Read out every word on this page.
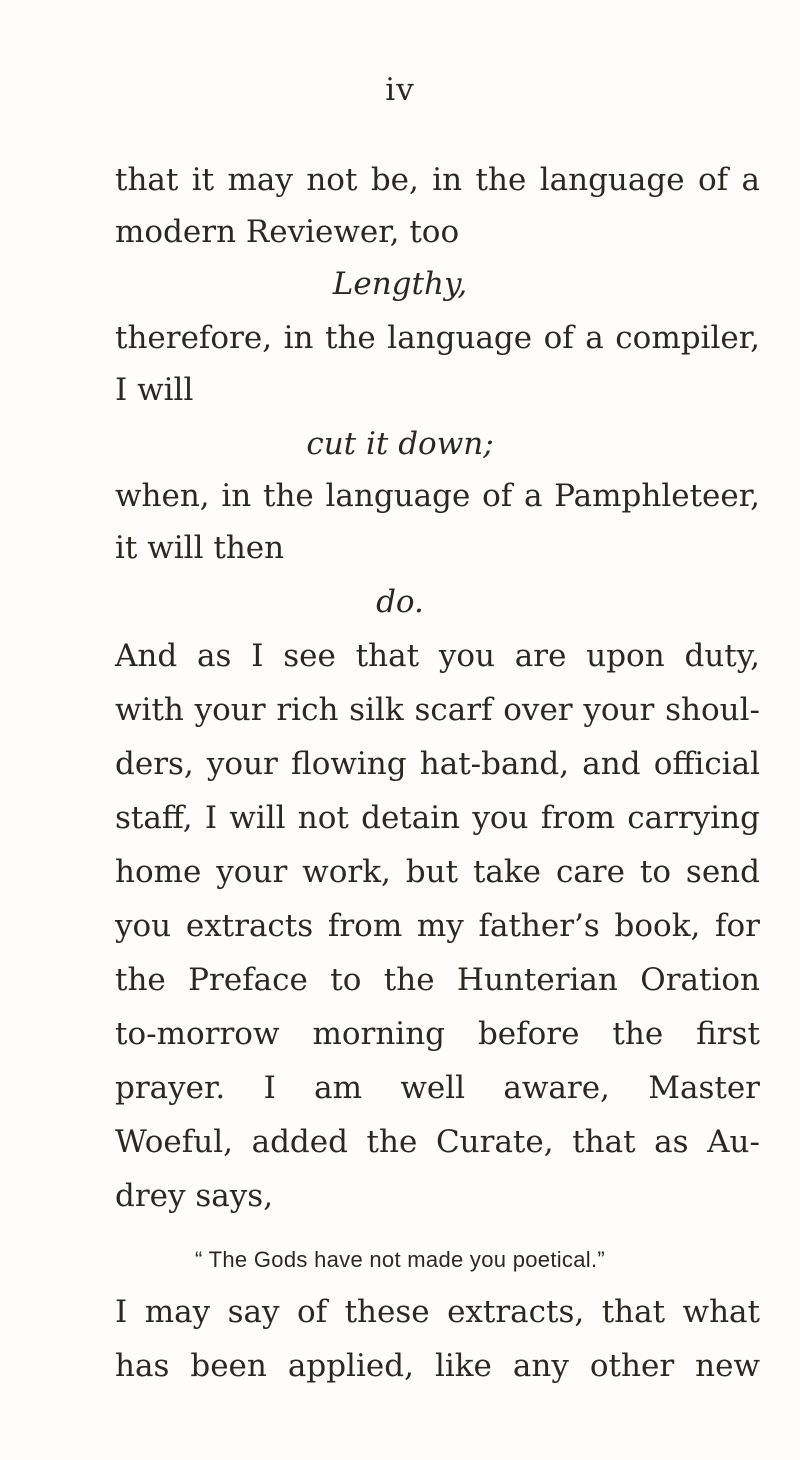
iv
that it may not be, in the language of a
modern Reviewer, too
Lengthy,
therefore, in the language of a compiler,
I will
cut it down;
when, in the language of a Pamphleteer,
it will then
do.
And as I see that you are upon duty,
with your rich silk scarf over your shoul-
ders, your flowing hat-band, and official
staff, I will not detain you from carrying
home your work, but take care to send
you extracts from my father’s book, for
the Preface to the Hunterian Oration
to-morrow morning before the first
prayer. I am well aware, Master
Woeful, added the Curate, that as Au-
drey says,
“ The Gods have not made you poetical.”
I may say of these extracts, that what
has been applied, like any other new
